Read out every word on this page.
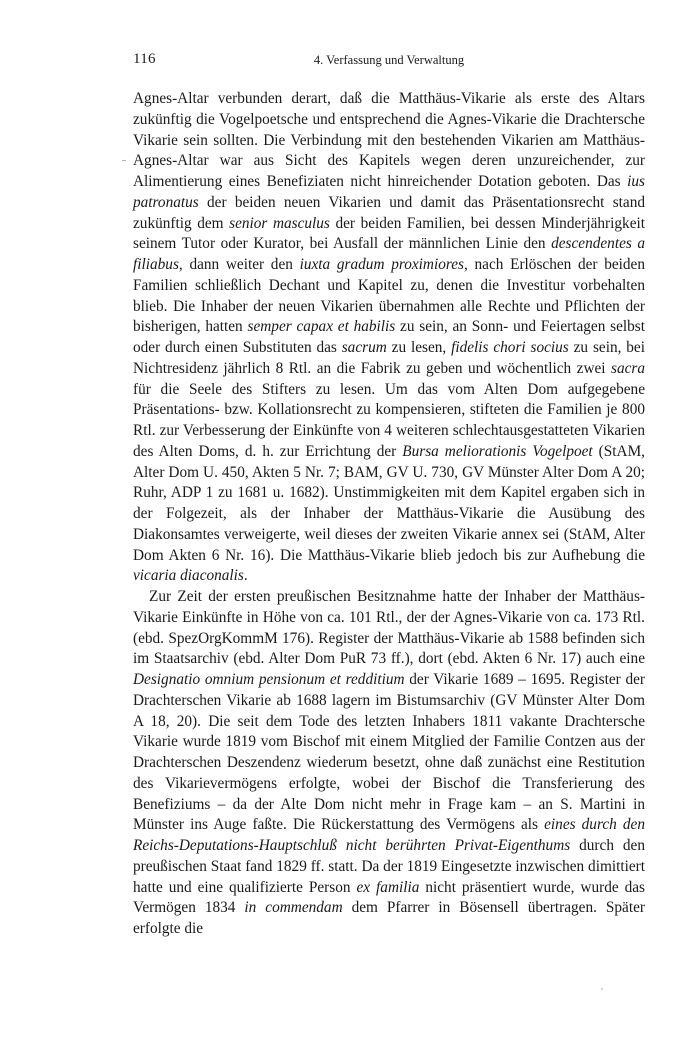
116	4. Verfassung und Verwaltung

Agnes-Altar verbunden derart, daß die Matthäus-Vikarie als erste des Altars zukünftig die Vogelpoetsche und entsprechend die Agnes-Vikarie die Drachtersche Vikarie sein sollten. Die Verbindung mit den bestehenden Vikarien am Matthäus-Agnes-Altar war aus Sicht des Kapitels wegen deren unzureichender, zur Alimentierung eines Benefiziaten nicht hinreichender Dotation geboten. Das ius patronatus der beiden neuen Vikarien und damit das Präsentationsrecht stand zukünftig dem senior masculus der beiden Familien, bei dessen Minderjährigkeit seinem Tutor oder Kurator, bei Ausfall der männlichen Linie den descendentes a filiabus, dann weiter den iuxta gradum proximiores, nach Erlöschen der beiden Familien schließlich Dechant und Kapitel zu, denen die Investitur vorbehalten blieb. Die Inhaber der neuen Vikarien übernahmen alle Rechte und Pflichten der bisherigen, hatten semper capax et habilis zu sein, an Sonn- und Feiertagen selbst oder durch einen Substituten das sacrum zu lesen, fidelis chori socius zu sein, bei Nichtresidenz jährlich 8 Rtl. an die Fabrik zu geben und wöchentlich zwei sacra für die Seele des Stifters zu lesen. Um das vom Alten Dom aufgegebene Präsentations- bzw. Kollationsrecht zu kompensieren, stifteten die Familien je 800 Rtl. zur Verbesserung der Einkünfte von 4 weiteren schlechtausgestatteten Vikarien des Alten Doms, d. h. zur Errichtung der Bursa meliorationis Vogelpoet (StAM, Alter Dom U. 450, Akten 5 Nr. 7; BAM, GV U. 730, GV Münster Alter Dom A 20; Ruhr, ADP 1 zu 1681 u. 1682). Unstimmigkeiten mit dem Kapitel ergaben sich in der Folgezeit, als der Inhaber der Matthäus-Vikarie die Ausübung des Diakonsamtes verweigerte, weil dieses der zweiten Vikarie annex sei (StAM, Alter Dom Akten 6 Nr. 16). Die Matthäus-Vikarie blieb jedoch bis zur Aufhebung die vicaria diaconalis.

Zur Zeit der ersten preußischen Besitznahme hatte der Inhaber der Matthäus-Vikarie Einkünfte in Höhe von ca. 101 Rtl., der der Agnes-Vikarie von ca. 173 Rtl. (ebd. SpezOrgKommM 176). Register der Matthäus-Vikarie ab 1588 befinden sich im Staatsarchiv (ebd. Alter Dom PuR 73 ff.), dort (ebd. Akten 6 Nr. 17) auch eine Designatio omnium pensionum et redditium der Vikarie 1689 – 1695. Register der Drachterschen Vikarie ab 1688 lagern im Bistumsarchiv (GV Münster Alter Dom A 18, 20). Die seit dem Tode des letzten Inhabers 1811 vakante Drachtersche Vikarie wurde 1819 vom Bischof mit einem Mitglied der Familie Contzen aus der Drachterschen Deszendenz wiederum besetzt, ohne daß zunächst eine Restitution des Vikarievermögens erfolgte, wobei der Bischof die Transferierung des Benefiziums – da der Alte Dom nicht mehr in Frage kam – an S. Martini in Münster ins Auge faßte. Die Rückerstattung des Vermögens als eines durch den Reichs-Deputations-Hauptschluß nicht berührten Privat-Eigenthums durch den preußischen Staat fand 1829 ff. statt. Da der 1819 Eingesetzte inzwischen dimittiert hatte und eine qualifizierte Person ex familia nicht präsentiert wurde, wurde das Vermögen 1834 in commendam dem Pfarrer in Bösensell übertragen. Später erfolgte die
